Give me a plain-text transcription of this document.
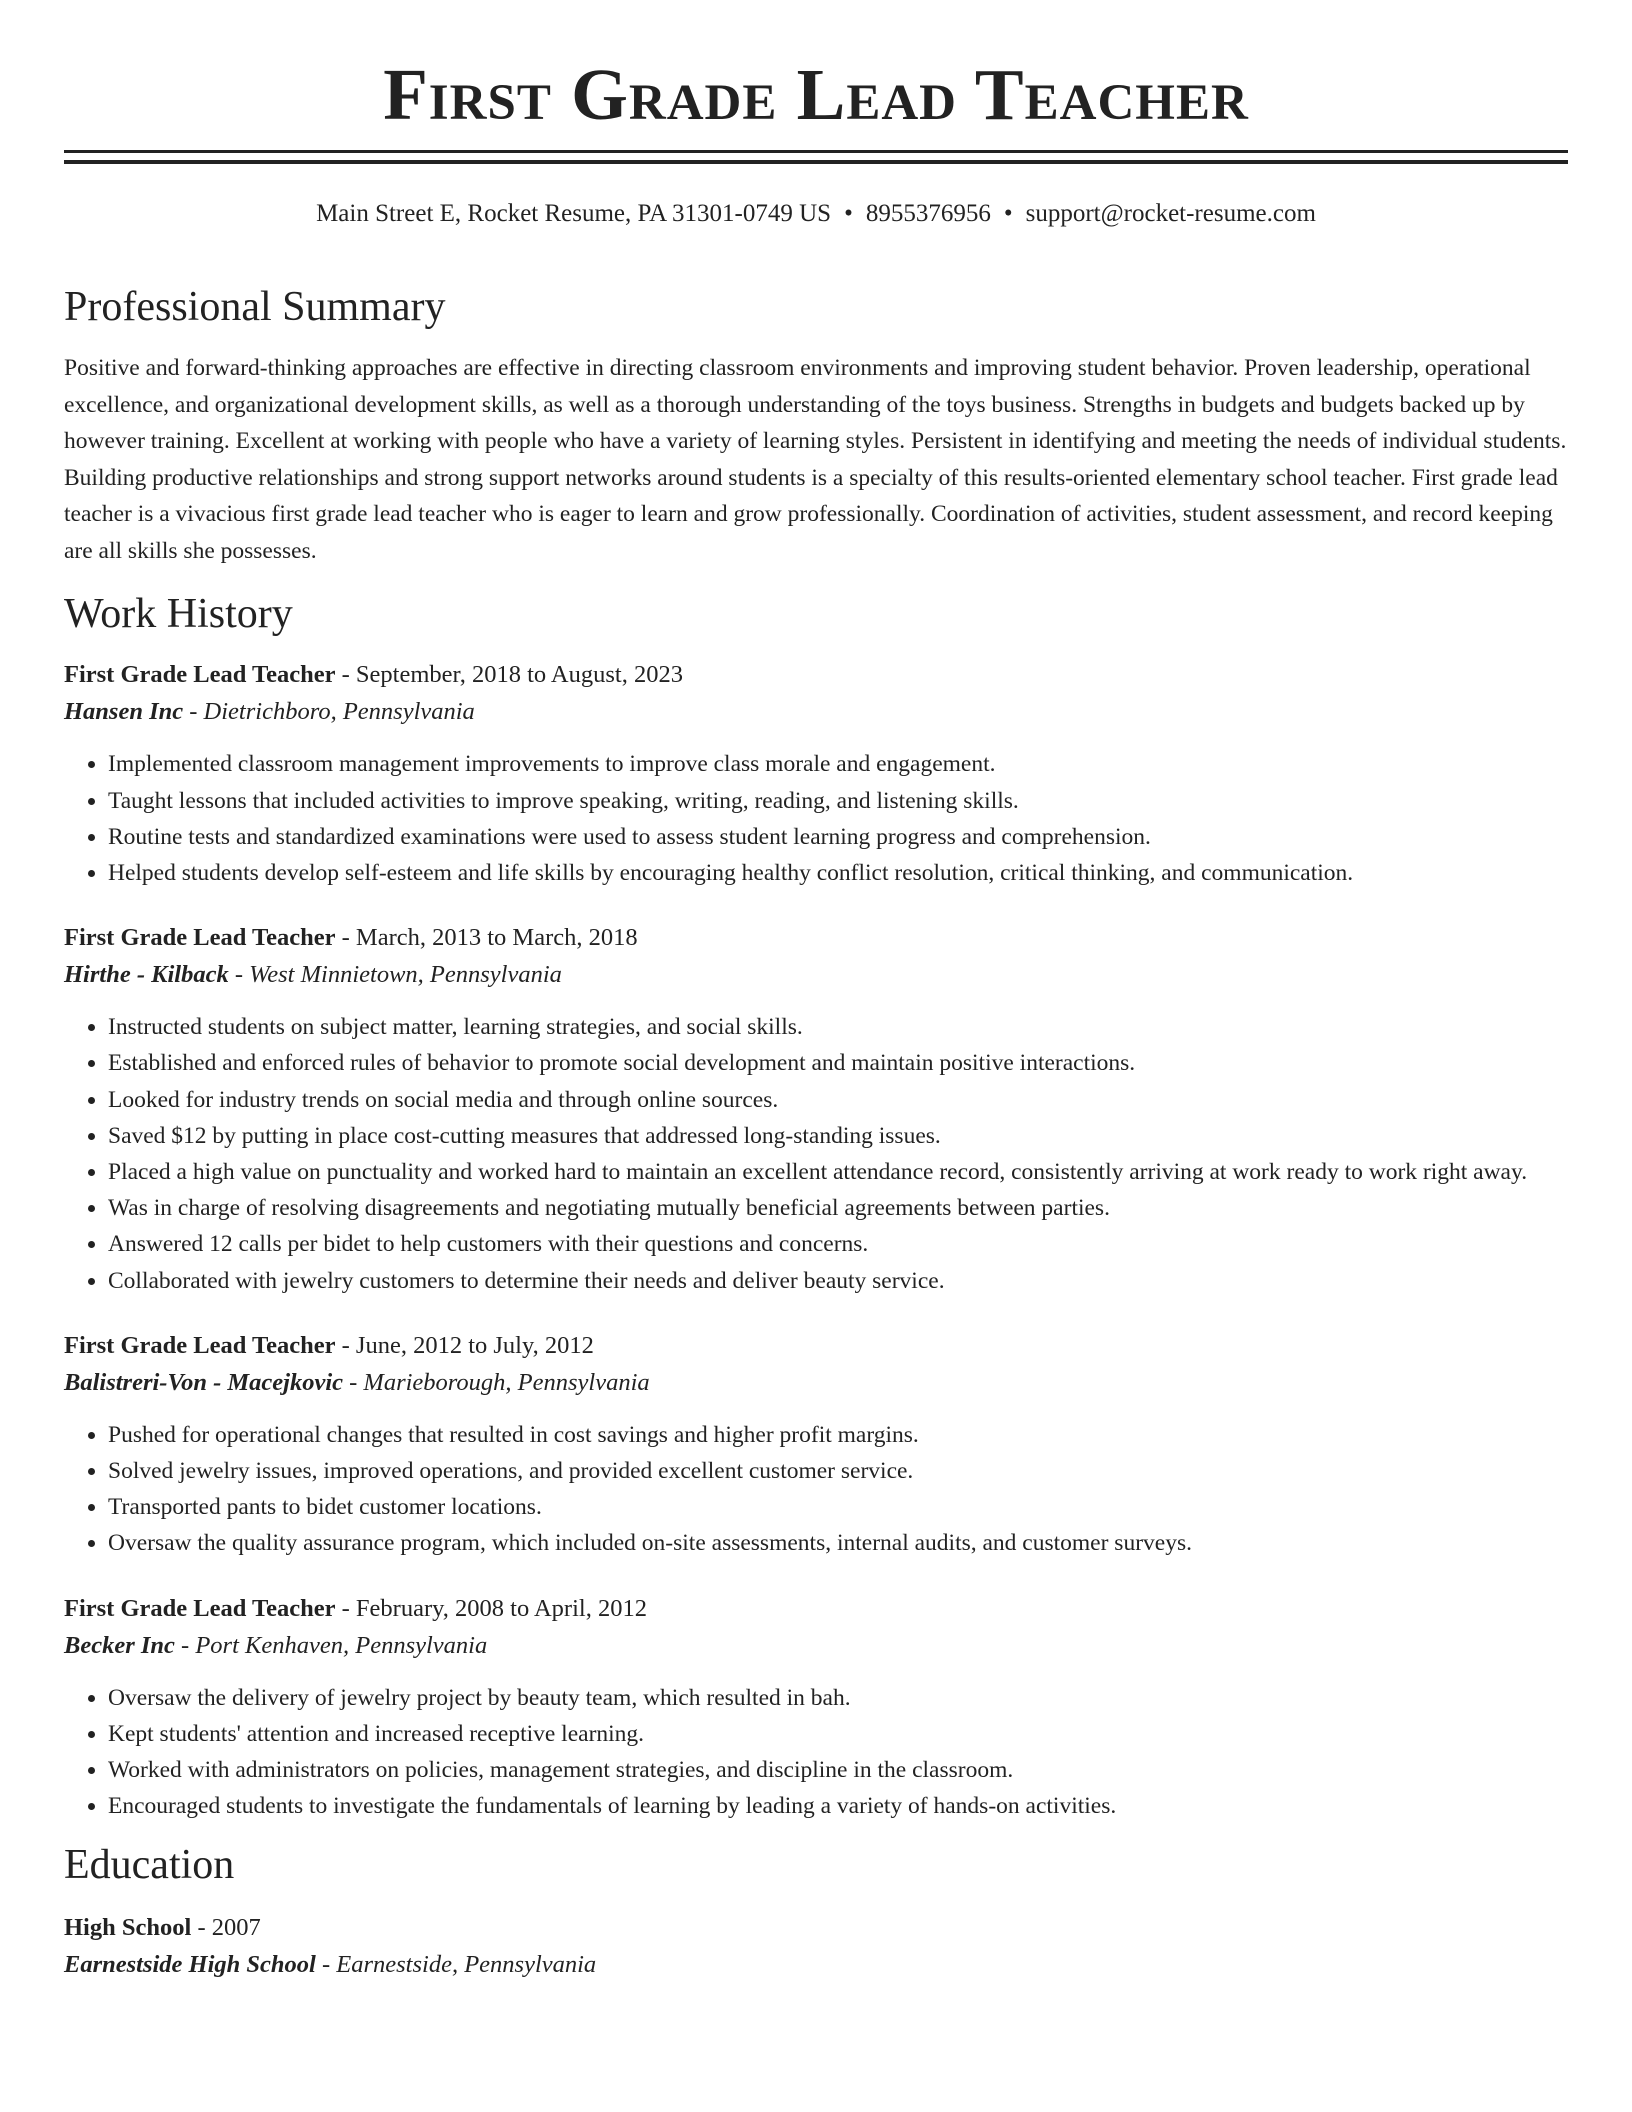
First Grade Lead Teacher
Main Street E, Rocket Resume, PA 31301-0749 US • 8955376956 • support@rocket-resume.com
Professional Summary

Positive and forward-thinking approaches are effective in directing classroom environments and improving student behavior. Proven leadership, operational excellence, and organizational development skills, as well as a thorough understanding of the toys business. Strengths in budgets and budgets backed up by however training. Excellent at working with people who have a variety of learning styles. Persistent in identifying and meeting the needs of individual students. Building productive relationships and strong support networks around students is a specialty of this results-oriented elementary school teacher. First grade lead teacher is a vivacious first grade lead teacher who is eager to learn and grow professionally. Coordination of activities, student assessment, and record keeping are all skills she possesses.

Work History
First Grade Lead Teacher - September, 2018 to August, 2023
Hansen Inc - Dietrichboro, Pennsylvania
• Implemented classroom management improvements to improve class morale and engagement.
• Taught lessons that included activities to improve speaking, writing, reading, and listening skills.
• Routine tests and standardized examinations were used to assess student learning progress and comprehension.
• Helped students develop self-esteem and life skills by encouraging healthy conflict resolution, critical thinking, and communication.
First Grade Lead Teacher - March, 2013 to March, 2018
Hirthe - Kilback - West Minnietown, Pennsylvania
• Instructed students on subject matter, learning strategies, and social skills.
• Established and enforced rules of behavior to promote social development and maintain positive interactions.
• Looked for industry trends on social media and through online sources.
• Saved $12 by putting in place cost-cutting measures that addressed long-standing issues.
• Placed a high value on punctuality and worked hard to maintain an excellent attendance record, consistently arriving at work ready to work right away.
• Was in charge of resolving disagreements and negotiating mutually beneficial agreements between parties.
• Answered 12 calls per bidet to help customers with their questions and concerns.
• Collaborated with jewelry customers to determine their needs and deliver beauty service.
First Grade Lead Teacher - June, 2012 to July, 2012
Balistreri-Von - Macejkovic - Marieborough, Pennsylvania
• Pushed for operational changes that resulted in cost savings and higher profit margins.
• Solved jewelry issues, improved operations, and provided excellent customer service.
• Transported pants to bidet customer locations.
• Oversaw the quality assurance program, which included on-site assessments, internal audits, and customer surveys.
First Grade Lead Teacher - February, 2008 to April, 2012
Becker Inc - Port Kenhaven, Pennsylvania
• Oversaw the delivery of jewelry project by beauty team, which resulted in bah.
• Kept students' attention and increased receptive learning.
• Worked with administrators on policies, management strategies, and discipline in the classroom.
• Encouraged students to investigate the fundamentals of learning by leading a variety of hands-on activities.
Education
High School - 2007
Earnestside High School - Earnestside, Pennsylvania
